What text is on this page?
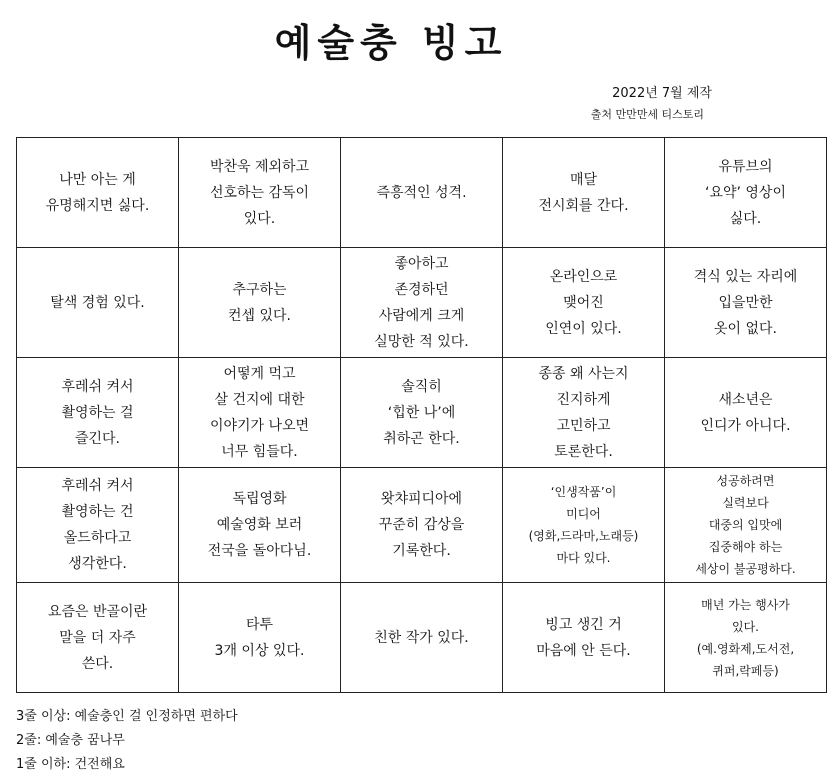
예술충 빙고
2022년 7월 제작
출처 만만만세 티스토리
나만 아는 게
유명해지면 싫다.	박찬욱 제외하고
선호하는 감독이
있다.	즉흥적인 성격.	매달
전시회를 간다.	유튜브의
‘요약’ 영상이
싫다.
탈색 경험 있다.	추구하는
컨셉 있다.	좋아하고
존경하던
사람에게 크게
실망한 적 있다.	온라인으로
맺어진
인연이 있다.	격식 있는 자리에
입을만한
옷이 없다.
후레쉬 켜서
촬영하는 걸
즐긴다.	어떻게 먹고
살 건지에 대한
이야기가 나오면
너무 힘들다.	솔직히
‘힙한 나’에
취하곤 한다.	종종 왜 사는지
진지하게
고민하고
토론한다.	새소년은
인디가 아니다.
후레쉬 켜서
촬영하는 건
올드하다고
생각한다.	독립영화
예술영화 보러
전국을 돌아다님.	왓챠피디아에
꾸준히 감상을
기록한다.	‘인생작품’이
미디어
(영화,드라마,노래등)
마다 있다.	성공하려면
실력보다
대중의 입맛에
집중해야 하는
세상이 불공평하다.
요즘은 반골이란
말을 더 자주
쓴다.	타투
3개 이상 있다.	친한 작가 있다.	빙고 생긴 거
마음에 안 든다.	매년 가는 행사가
있다.
(예.영화제,도서전,
퀴퍼,락페등)
3줄 이상: 예술충인 걸 인정하면 편하다
2줄: 예술충 꿈나무
1줄 이하: 건전해요
